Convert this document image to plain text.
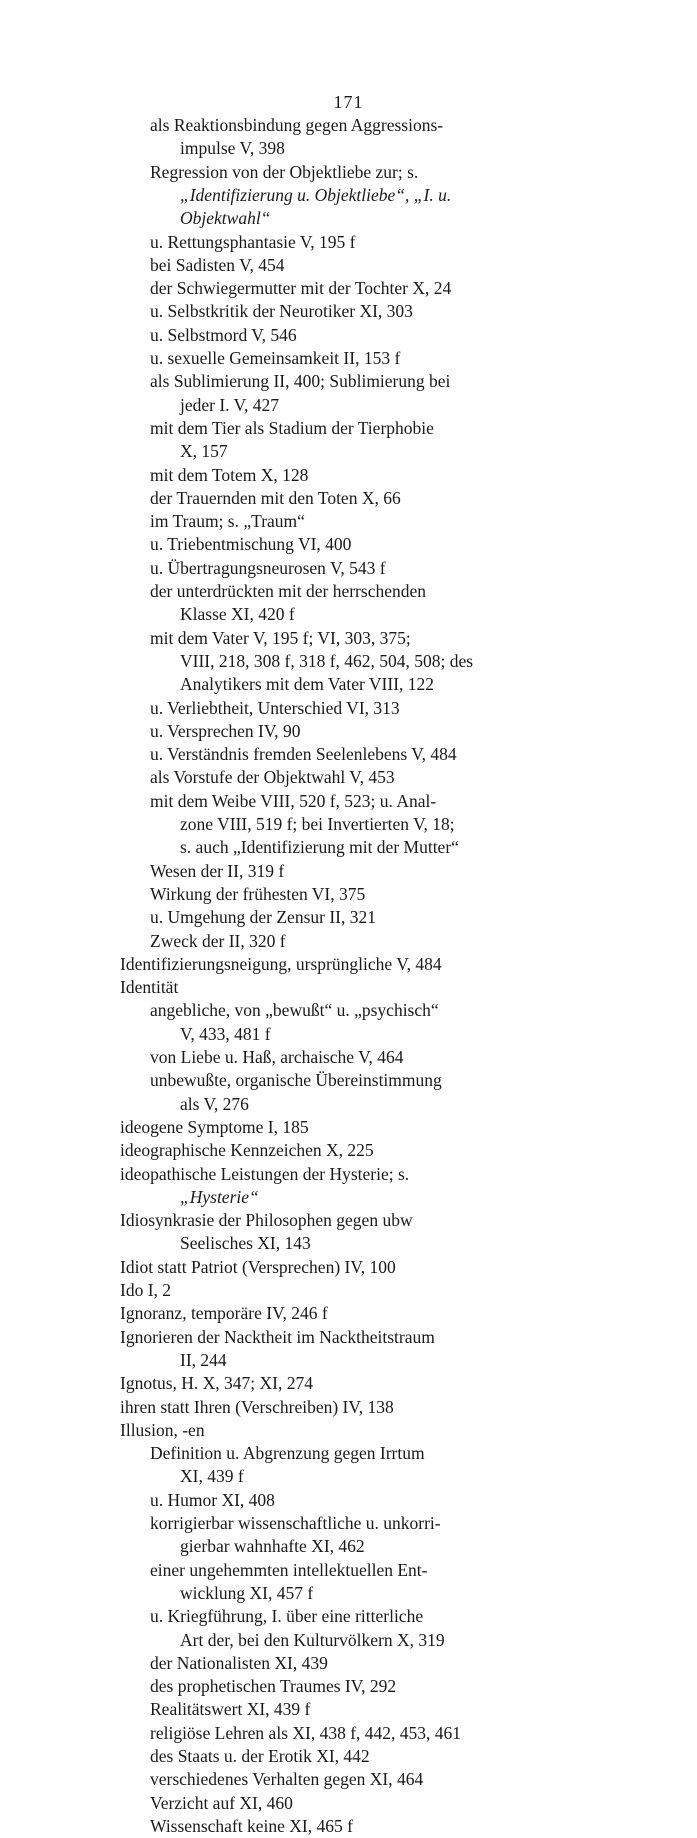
171
als Reaktionsbindung gegen Aggressions-
impulse V, 398
Regression von der Objektliebe zur; s.
„Identifizierung u. Objektliebe“, „I. u.
Objektwahl“
u. Rettungsphantasie V, 195 f
bei Sadisten V, 454
der Schwiegermutter mit der Tochter X, 24
u. Selbstkritik der Neurotiker XI, 303
u. Selbstmord V, 546
u. sexuelle Gemeinsamkeit II, 153 f
als Sublimierung II, 400; Sublimierung bei
jeder I. V, 427
mit dem Tier als Stadium der Tierphobie
X, 157
mit dem Totem X, 128
der Trauernden mit den Toten X, 66
im Traum; s. „Traum“
u. Triebentmischung VI, 400
u. Übertragungsneurosen V, 543 f
der unterdrückten mit der herrschenden
Klasse XI, 420 f
mit dem Vater V, 195 f; VI, 303, 375;
VIII, 218, 308 f, 318 f, 462, 504, 508; des
Analytikers mit dem Vater VIII, 122
u. Verliebtheit, Unterschied VI, 313
u. Versprechen IV, 90
u. Verständnis fremden Seelenlebens V, 484
als Vorstufe der Objektwahl V, 453
mit dem Weibe VIII, 520 f, 523; u. Anal-
zone VIII, 519 f; bei Invertierten V, 18;
s. auch „Identifizierung mit der Mutter“
Wesen der II, 319 f
Wirkung der frühesten VI, 375
u. Umgehung der Zensur II, 321
Zweck der II, 320 f
Identifizierungsneigung, ursprüngliche V, 484
Identität
angebliche, von „bewußt“ u. „psychisch“
V, 433, 481 f
von Liebe u. Haß, archaische V, 464
unbewußte, organische Übereinstimmung
als V, 276
ideogene Symptome I, 185
ideographische Kennzeichen X, 225
ideopathische Leistungen der Hysterie; s.
„Hysterie“
Idiosynkrasie der Philosophen gegen ubw
Seelisches XI, 143
Idiot statt Patriot (Versprechen) IV, 100
Ido I, 2
Ignoranz, temporäre IV, 246 f
Ignorieren der Nacktheit im Nacktheitstraum
II, 244
Ignotus, H. X, 347; XI, 274
ihren statt Ihren (Verschreiben) IV, 138
Illusion, -en
Definition u. Abgrenzung gegen Irrtum
XI, 439 f
u. Humor XI, 408
korrigierbar wissenschaftliche u. unkorri-
gierbar wahnhafte XI, 462
einer ungehemmten intellektuellen Ent-
wicklung XI, 457 f
u. Kriegführung, I. über eine ritterliche
Art der, bei den Kulturvölkern X, 319
der Nationalisten XI, 439
des prophetischen Traumes IV, 292
Realitätswert XI, 439 f
religiöse Lehren als XI, 438 f, 442, 453, 461
des Staats u. der Erotik XI, 442
verschiedenes Verhalten gegen XI, 464
Verzicht auf XI, 460
Wissenschaft keine XI, 465 f
